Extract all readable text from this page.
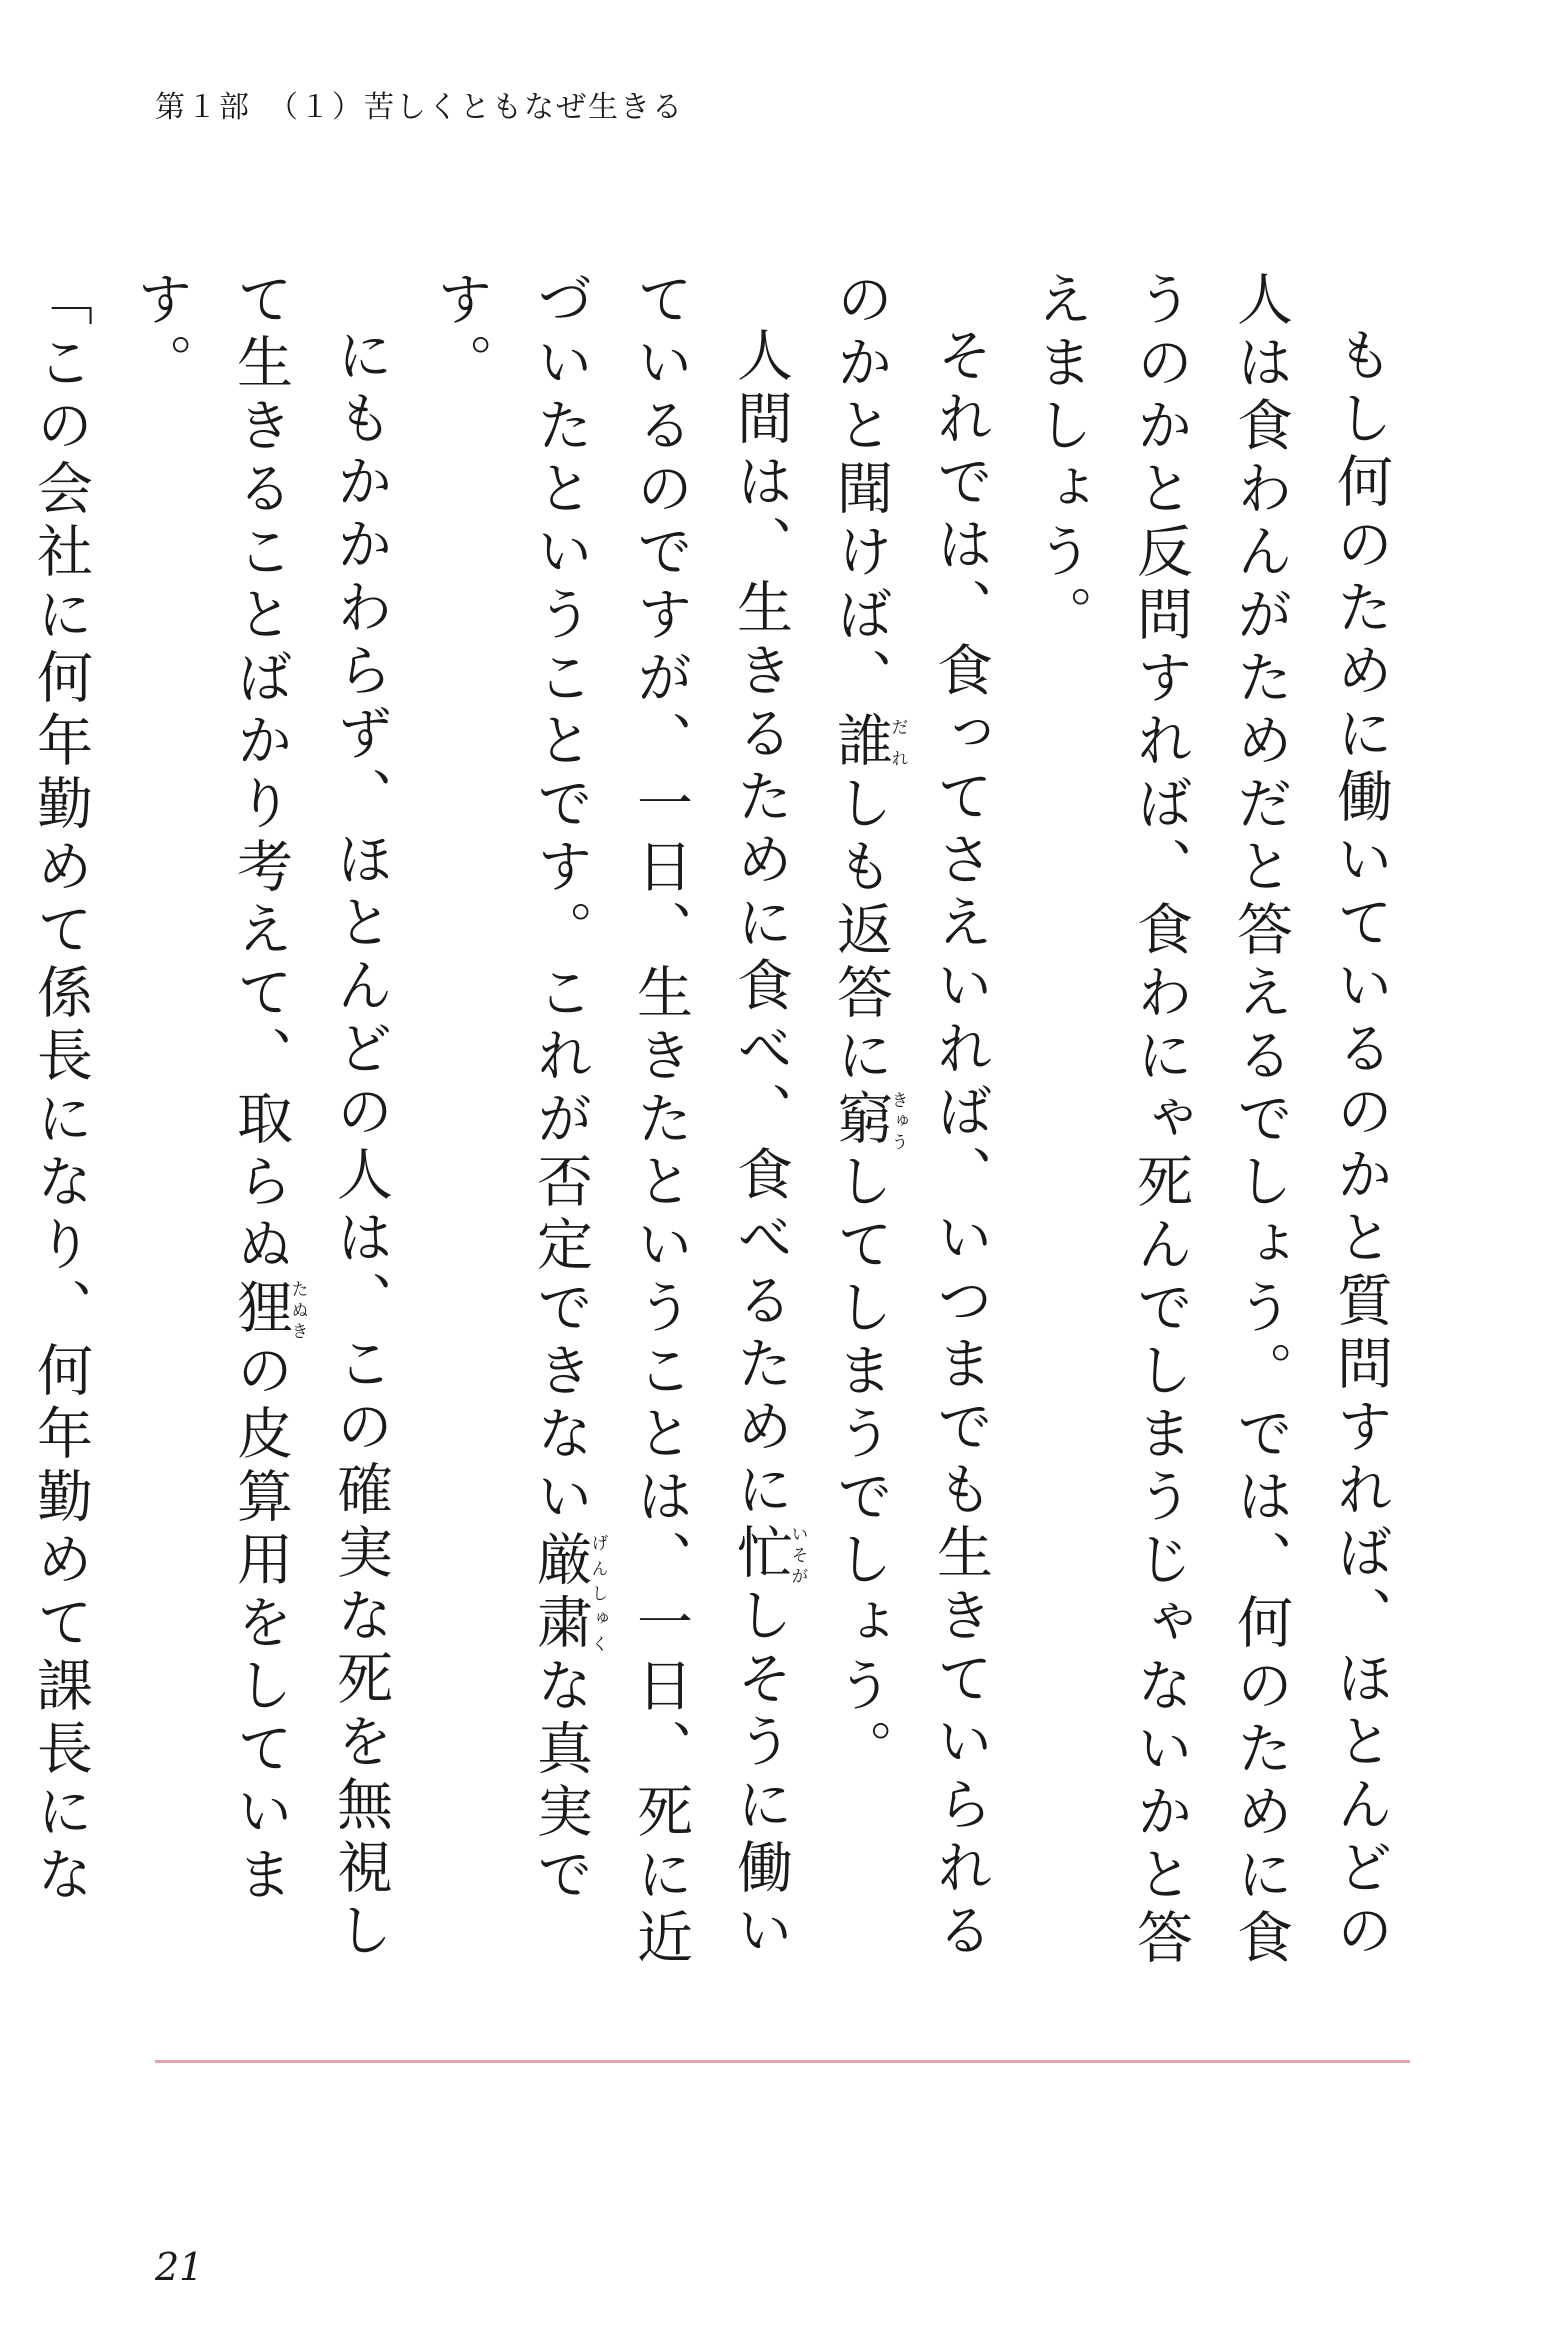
第１部　（１）苦しくともなぜ生きる

もし何のために働いているのかと質問すれば、ほとんどの人は食わんがためだと答えるでしょう。では、何のために食うのかと反問すれば、食わにゃ死んでしまうじゃないかと答えましょう。

それでは、食ってさえいれば、いつまでも生きていられるのかと聞けば、誰だれしも返答に窮きゅうしてしまうでしょう。

人間は、生きるために食べ、食べるために忙いそがしそうに働いているのですが、一日、生きたということは、一日、死に近づいたということです。これが否定できない厳粛げんしゅくな真実です。

にもかかわらず、ほとんどの人は、この確実な死を無視して生きることばかり考えて、取らぬ狸たぬきの皮算用をしています。

「この会社に何年勤めて係長になり、何年勤めて課長にな

21
